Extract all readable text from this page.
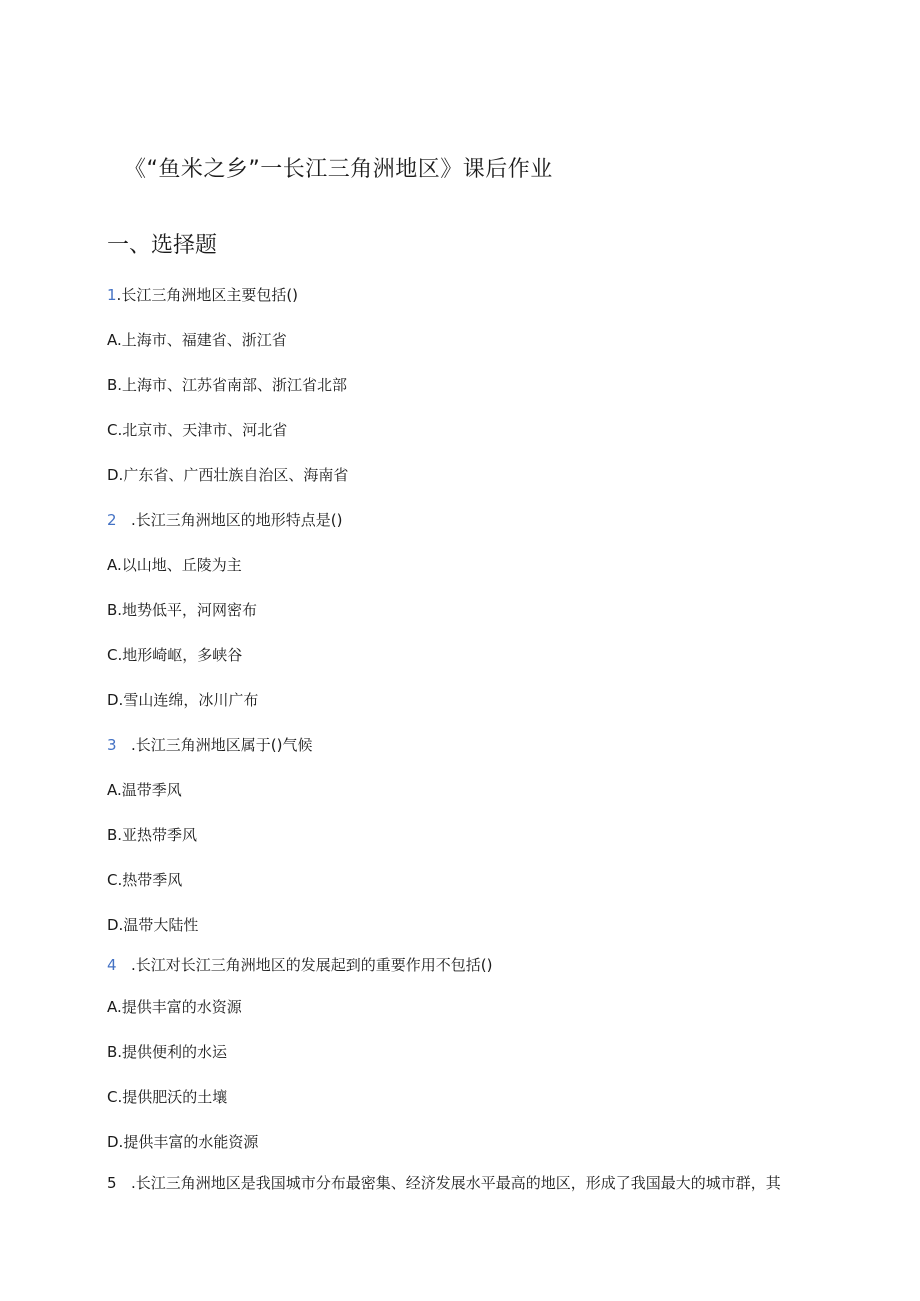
《“鱼米之乡”一长江三角洲地区》课后作业
一、选择题
1.长江三角洲地区主要包括()
A.上海市、福建省、浙江省
B.上海市、江苏省南部、浙江省北部
C.北京市、天津市、河北省
D.广东省、广西壮族自治区、海南省
2 .长江三角洲地区的地形特点是()
A.以山地、丘陵为主
B.地势低平，河网密布
C.地形崎岖，多峡谷
D.雪山连绵，冰川广布
3 .长江三角洲地区属于()气候
A.温带季风
B.亚热带季风
C.热带季风
D.温带大陆性
4 .长江对长江三角洲地区的发展起到的重要作用不包括()
A.提供丰富的水资源
B.提供便利的水运
C.提供肥沃的土壤
D.提供丰富的水能资源
5 .长江三角洲地区是我国城市分布最密集、经济发展水平最高的地区，形成了我国最大的城市群，其
